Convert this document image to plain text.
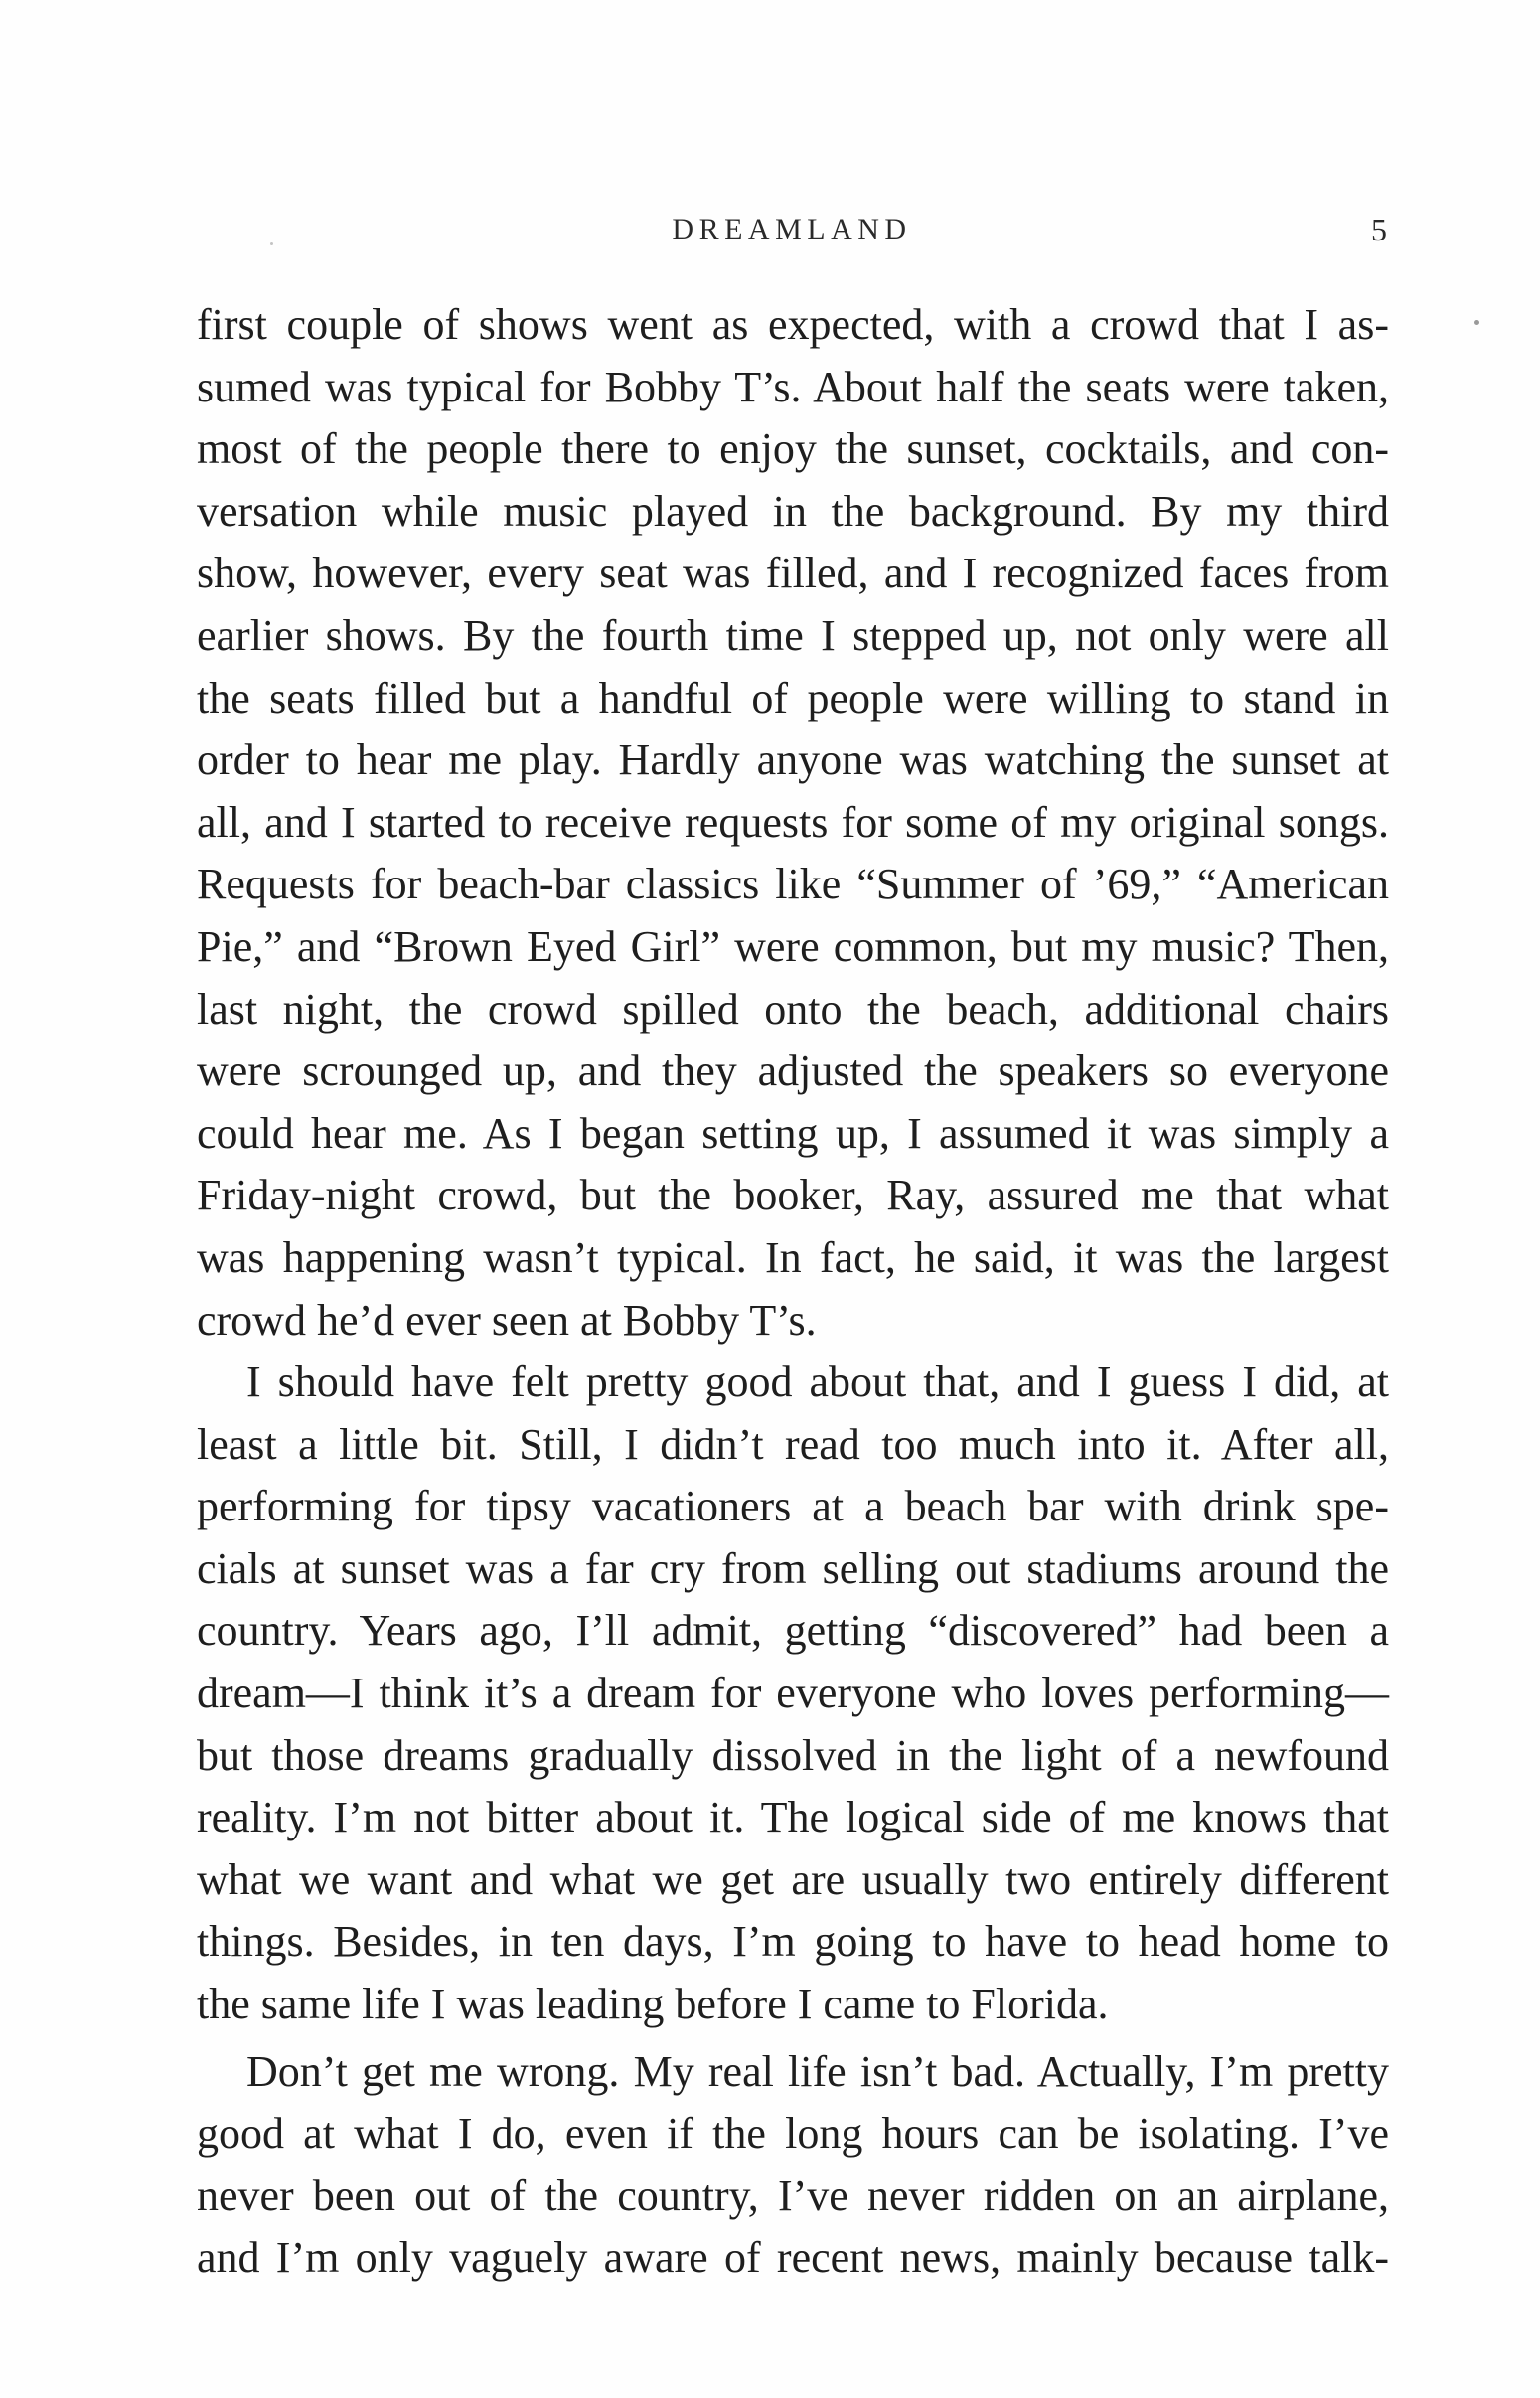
DREAMLAND	5
first couple of shows went as expected, with a crowd that I as-
sumed was typical for Bobby T’s. About half the seats were taken,
most of the people there to enjoy the sunset, cocktails, and con-
versation while music played in the background. By my third
show, however, every seat was filled, and I recognized faces from
earlier shows. By the fourth time I stepped up, not only were all
the seats filled but a handful of people were willing to stand in
order to hear me play. Hardly anyone was watching the sunset at
all, and I started to receive requests for some of my original songs.
Requests for beach-bar classics like “Summer of ’69,” “American
Pie,” and “Brown Eyed Girl” were common, but my music? Then,
last night, the crowd spilled onto the beach, additional chairs
were scrounged up, and they adjusted the speakers so everyone
could hear me. As I began setting up, I assumed it was simply a
Friday-night crowd, but the booker, Ray, assured me that what
was happening wasn’t typical. In fact, he said, it was the largest
crowd he’d ever seen at Bobby T’s.
I should have felt pretty good about that, and I guess I did, at
least a little bit. Still, I didn’t read too much into it. After all,
performing for tipsy vacationers at a beach bar with drink spe-
cials at sunset was a far cry from selling out stadiums around the
country. Years ago, I’ll admit, getting “discovered” had been a
dream—I think it’s a dream for everyone who loves performing—
but those dreams gradually dissolved in the light of a newfound
reality. I’m not bitter about it. The logical side of me knows that
what we want and what we get are usually two entirely different
things. Besides, in ten days, I’m going to have to head home to
the same life I was leading before I came to Florida.
Don’t get me wrong. My real life isn’t bad. Actually, I’m pretty
good at what I do, even if the long hours can be isolating. I’ve
never been out of the country, I’ve never ridden on an airplane,
and I’m only vaguely aware of recent news, mainly because talk-
